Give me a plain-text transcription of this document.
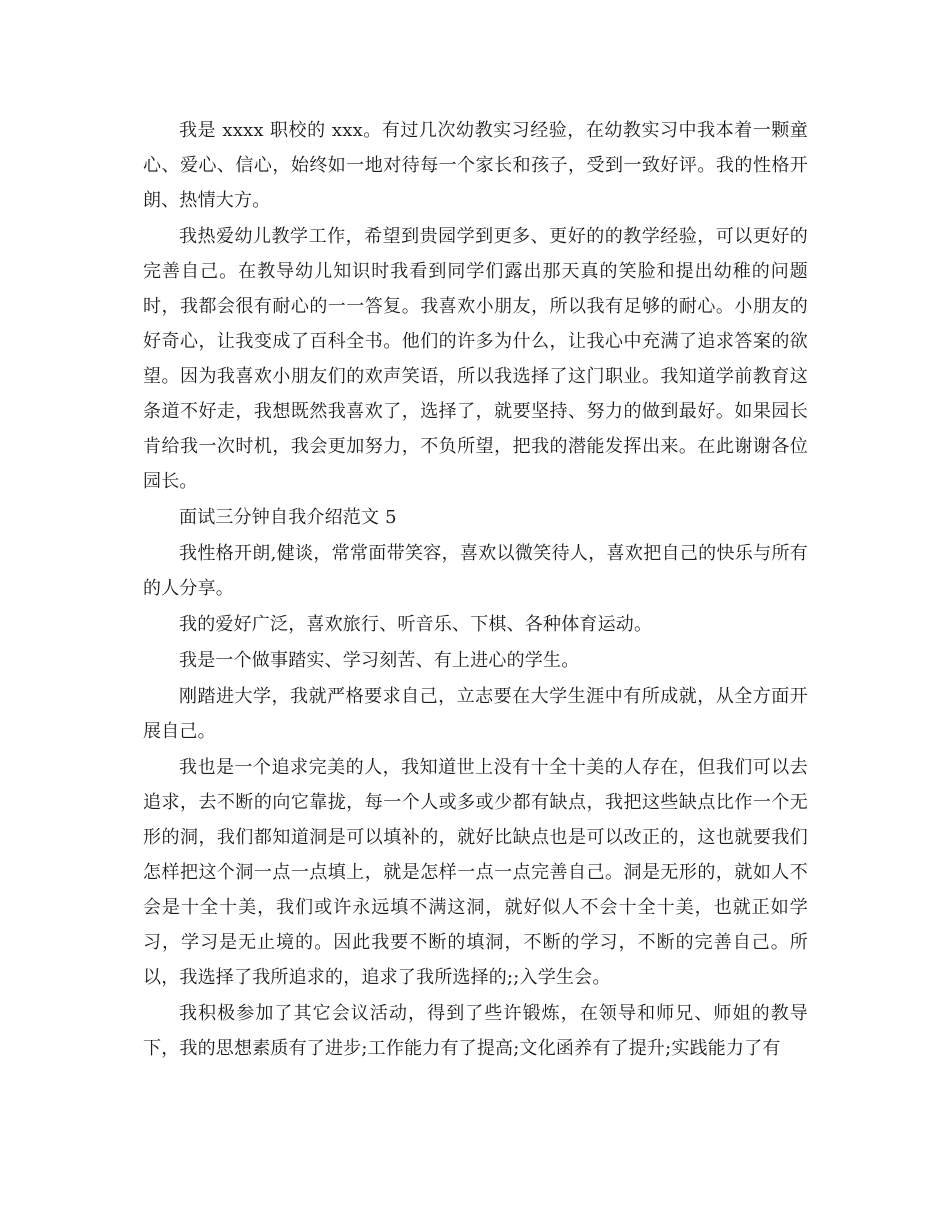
我是 xxxx 职校的 xxx。有过几次幼教实习经验，在幼教实习中我本着一颗童心、爱心、信心，始终如一地对待每一个家长和孩子，受到一致好评。我的性格开朗、热情大方。

我热爱幼儿教学工作，希望到贵园学到更多、更好的的教学经验，可以更好的完善自己。在教导幼儿知识时我看到同学们露出那天真的笑脸和提出幼稚的问题时，我都会很有耐心的一一答复。我喜欢小朋友，所以我有足够的耐心。小朋友的好奇心，让我变成了百科全书。他们的许多为什么，让我心中充满了追求答案的欲望。因为我喜欢小朋友们的欢声笑语，所以我选择了这门职业。我知道学前教育这条道不好走，我想既然我喜欢了，选择了，就要坚持、努力的做到最好。如果园长肯给我一次时机，我会更加努力，不负所望，把我的潜能发挥出来。在此谢谢各位园长。

面试三分钟自我介绍范文 5

我性格开朗,健谈，常常面带笑容，喜欢以微笑待人，喜欢把自己的快乐与所有的人分享。

我的爱好广泛，喜欢旅行、听音乐、下棋、各种体育运动。

我是一个做事踏实、学习刻苦、有上进心的学生。

刚踏进大学，我就严格要求自己，立志要在大学生涯中有所成就，从全方面开展自己。

我也是一个追求完美的人，我知道世上没有十全十美的人存在，但我们可以去追求，去不断的向它靠拢，每一个人或多或少都有缺点，我把这些缺点比作一个无形的洞，我们都知道洞是可以填补的，就好比缺点也是可以改正的，这也就要我们怎样把这个洞一点一点填上，就是怎样一点一点完善自己。洞是无形的，就如人不会是十全十美，我们或许永远填不满这洞，就好似人不会十全十美，也就正如学习，学习是无止境的。因此我要不断的填洞，不断的学习，不断的完善自己。所以，我选择了我所追求的，追求了我所选择的;;入学生会。

我积极参加了其它会议活动，得到了些许锻炼，在领导和师兄、师姐的教导下，我的思想素质有了进步;工作能力有了提高;文化函养有了提升;实践能力了有
